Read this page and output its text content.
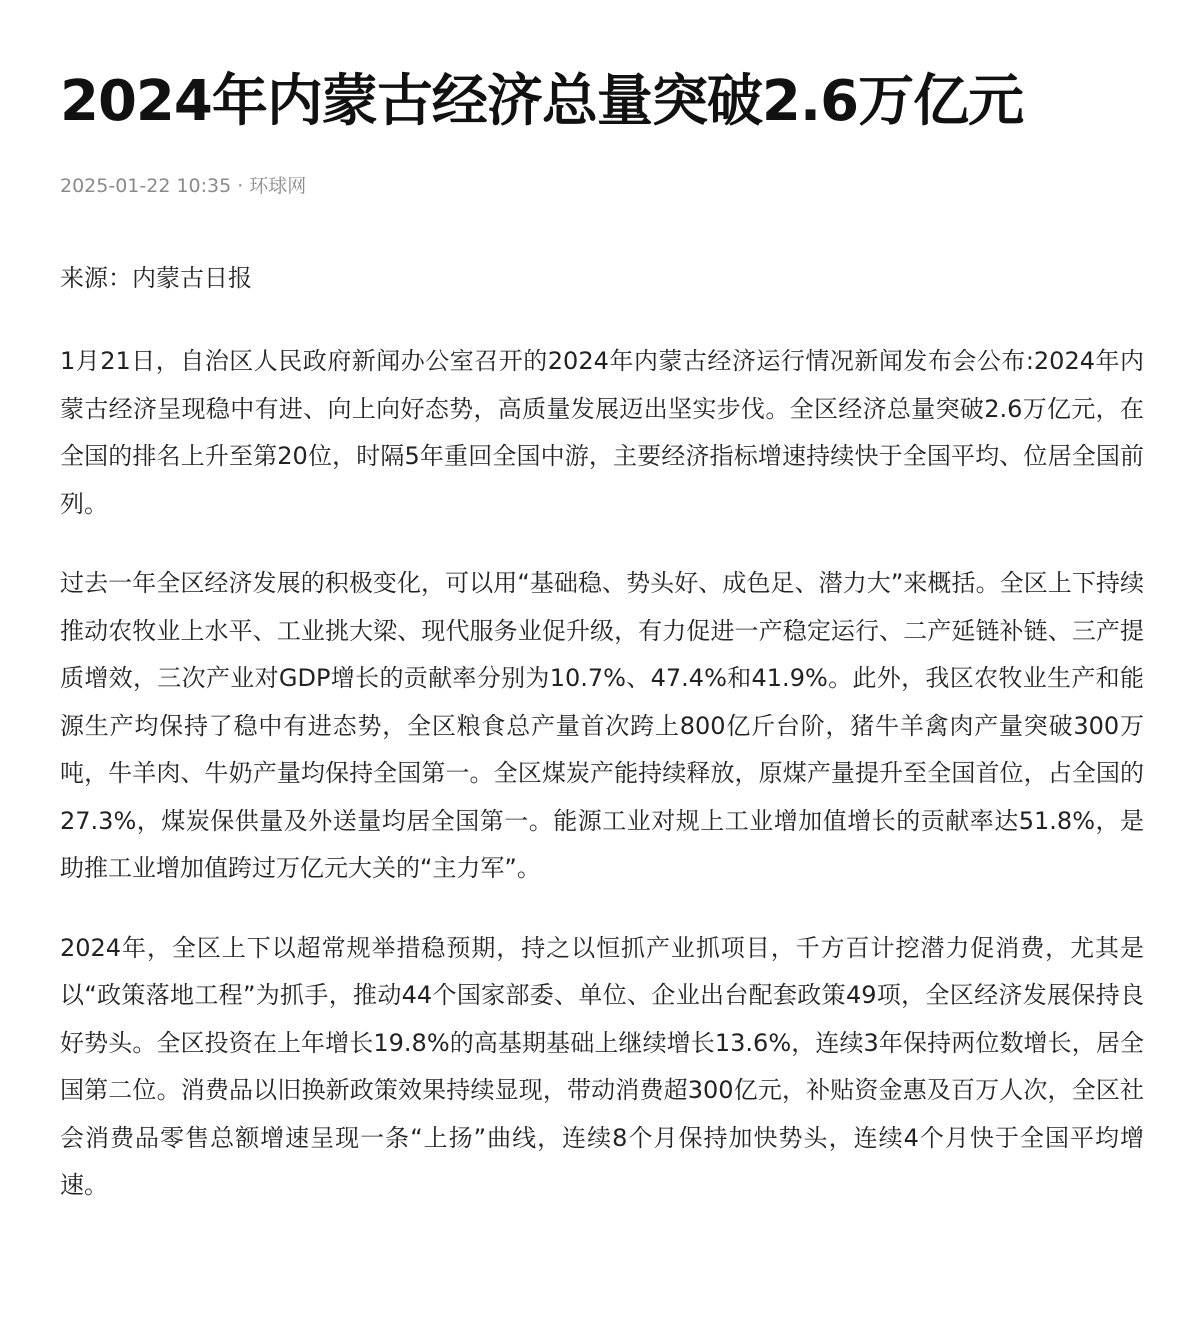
2024年内蒙古经济总量突破2.6万亿元
2025-01-22 10:35 · 环球网
来源：内蒙古日报

1月21日，自治区人民政府新闻办公室召开的2024年内蒙古经济运行情况新闻发布会公布:2024年内蒙古经济呈现稳中有进、向上向好态势，高质量发展迈出坚实步伐。全区经济总量突破2.6万亿元，在全国的排名上升至第20位，时隔5年重回全国中游，主要经济指标增速持续快于全国平均、位居全国前列。

过去一年全区经济发展的积极变化，可以用“基础稳、势头好、成色足、潜力大”来概括。全区上下持续推动农牧业上水平、工业挑大梁、现代服务业促升级，有力促进一产稳定运行、二产延链补链、三产提质增效，三次产业对GDP增长的贡献率分别为10.7%、47.4%和41.9%。此外，我区农牧业生产和能源生产均保持了稳中有进态势，全区粮食总产量首次跨上800亿斤台阶，猪牛羊禽肉产量突破300万吨，牛羊肉、牛奶产量均保持全国第一。全区煤炭产能持续释放，原煤产量提升至全国首位，占全国的27.3%，煤炭保供量及外送量均居全国第一。能源工业对规上工业增加值增长的贡献率达51.8%，是助推工业增加值跨过万亿元大关的“主力军”。

2024年，全区上下以超常规举措稳预期，持之以恒抓产业抓项目，千方百计挖潜力促消费，尤其是以“政策落地工程”为抓手，推动44个国家部委、单位、企业出台配套政策49项，全区经济发展保持良好势头。全区投资在上年增长19.8%的高基期基础上继续增长13.6%，连续3年保持两位数增长，居全国第二位。消费品以旧换新政策效果持续显现，带动消费超300亿元，补贴资金惠及百万人次，全区社会消费品零售总额增速呈现一条“上扬”曲线，连续8个月保持加快势头，连续4个月快于全国平均增速。
